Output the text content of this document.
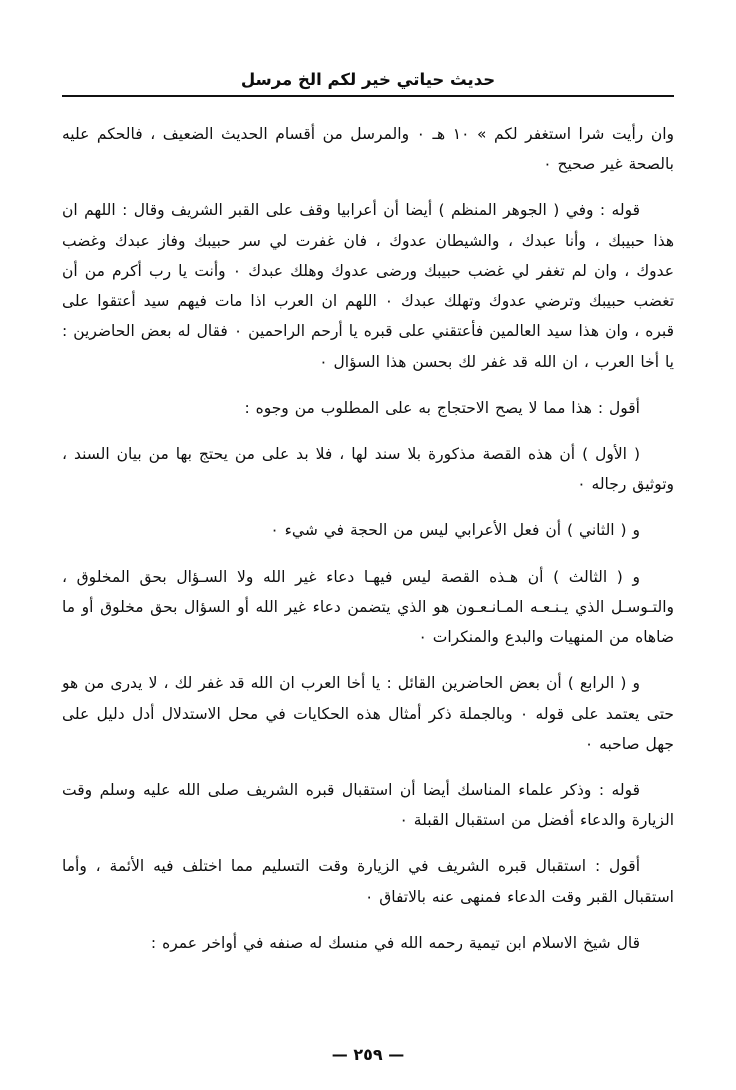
حديث حياتي خير لكم الخ مرسل

وان رأيت شرا استغفر لكم » ١٠ هـ ٠ والمرسل من أقسام الحديث الضعيف ، فالحكم عليه بالصحة غير صحيح ٠

قوله : وفي ( الجوهر المنظم ) أيضا أن أعرابيا وقف على القبر الشريف وقال : اللهم ان هذا حبيبك ، وأنا عبدك ، والشيطان عدوك ، فان غفرت لي سر حبيبك وفاز عبدك وغضب عدوك ، وان لم تغفر لي غضب حبيبك ورضى عدوك وهلك عبدك ٠ وأنت يا رب أكرم من أن تغضب حبيبك وترضي عدوك وتهلك عبدك ٠ اللهم ان العرب اذا مات فيهم سيد أعتقوا على قبره ، وان هذا سيد العالمين فأعتقني على قبره يا أرحم الراحمين ٠ فقال له بعض الحاضرين : يا أخا العرب ، ان الله قد غفر لك بحسن هذا السؤال ٠

أقول : هذا مما لا يصح الاحتجاج به على المطلوب من وجوه :

( الأول ) أن هذه القصة مذكورة بلا سند لها ، فلا بد على من يحتج بها من بيان السند ، وتوثيق رجاله ٠

و ( الثاني ) أن فعل الأعرابي ليس من الحجة في شيء ٠

و ( الثالث ) أن هـذه القصة ليس فيهـا دعاء غير الله ولا السـؤال بحق المخلوق ، والتـوسـل الذي يـنـعـه المـانـعـون هو الذي يتضمن دعاء غير الله أو السؤال بحق مخلوق أو ما ضاهاه من المنهيات والبدع والمنكرات ٠

و ( الرابع ) أن بعض الحاضرين القائل : يا أخا العرب ان الله قد غفر لك ، لا يدرى من هو حتى يعتمد على قوله ٠ وبالجملة ذكر أمثال هذه الحكايات في محل الاستدلال أدل دليل على جهل صاحبه ٠

قوله : وذكر علماء المناسك أيضا أن استقبال قبره الشريف صلى الله عليه وسلم وقت الزيارة والدعاء أفضل من استقبال القبلة ٠

أقول : استقبال قبره الشريف في الزيارة وقت التسليم مما اختلف فيه الأئمة ، وأما استقبال القبر وقت الدعاء فمنهى عنه بالاتفاق ٠

قال شيخ الاسلام ابن تيمية رحمه الله في منسك له صنفه في أواخر عمره :

— ٢٥٩ —
